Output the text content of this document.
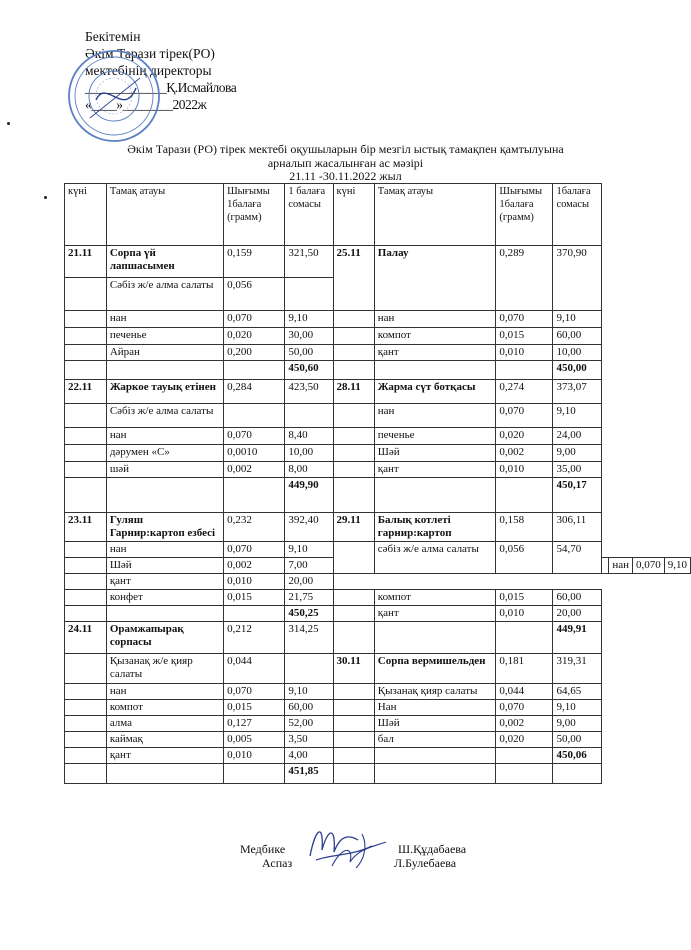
Бекітемін
Әкім Тарази тірек(РО)
мектебінің директоры
_____________Қ.Исмайлова
«____»________2022ж
Әкім Тарази (РО) тірек мектебі оқушыларын бір мезгіл ыстық тамақпен қамтылуына
арналып жасалынған ас мәзірі
21.11 -30.11.2022 жыл
күні	Тамақ атауы	Шығымы 1балаға (грамм)	1 балаға сомасы	күні	Тамақ атауы	Шығымы 1балаға (грамм)	1балаға сомасы				
21.11	Сорпа үй лапшасымен	0,159	321,50	25.11	Палау	0,289	370,90				
	Сәбіз ж/е алма салаты	0,056									
	нан	0,070	9,10		нан	0,070	9,10				
	печенье	0,020	30,00		компот	0,015	60,00				
	Айран	0,200	50,00		қант	0,010	10,00				
			450,60				450,00				
22.11	Жаркое тауық етінен	0,284	423,50	28.11	Жарма сүт ботқасы	0,274	373,07				
	Сәбіз ж/е алма салаты				нан	0,070	9,10				
	нан	0,070	8,40		печенье	0,020	24,00				
	дәрумен «С»	0,0010	10,00		Шәй	0,002	9,00				
	шәй	0,002	8,00		қант	0,010	35,00				
			449,90				450,17				
23.11	Гуляш Гарнир:картоп езбесі	0,232	392,40	29.11	Балық котлеті гарнир:картоп	0,158	306,11				
	нан	0,070	9,10		сәбіз ж/е алма салаты	0,056	54,70				
	Шәй	0,002	7,00						нан	0,070	9,10
	қант	0,010	20,00								
	конфет	0,015	21,75		компот	0,015	60,00				
			450,25		қант	0,010	20,00				
24.11	Орамжапырақ сорпасы	0,212	314,25				449,91				
	Қызанақ ж/е қияр салаты	0,044		30.11	Сорпа вермишельден	0,181	319,31				
	нан	0,070	9,10		Қызанақ қияр салаты	0,044	64,65				
	компот	0,015	60,00		Нан	0,070	9,10				
	алма	0,127	52,00		Шәй	0,002	9,00				
	каймақ	0,005	3,50		бал	0,020	50,00				
	қант	0,010	4,00				450,06				
			451,85								
Медбике	Ш.Құдабаева
Аспаз	Л.Булебаева
